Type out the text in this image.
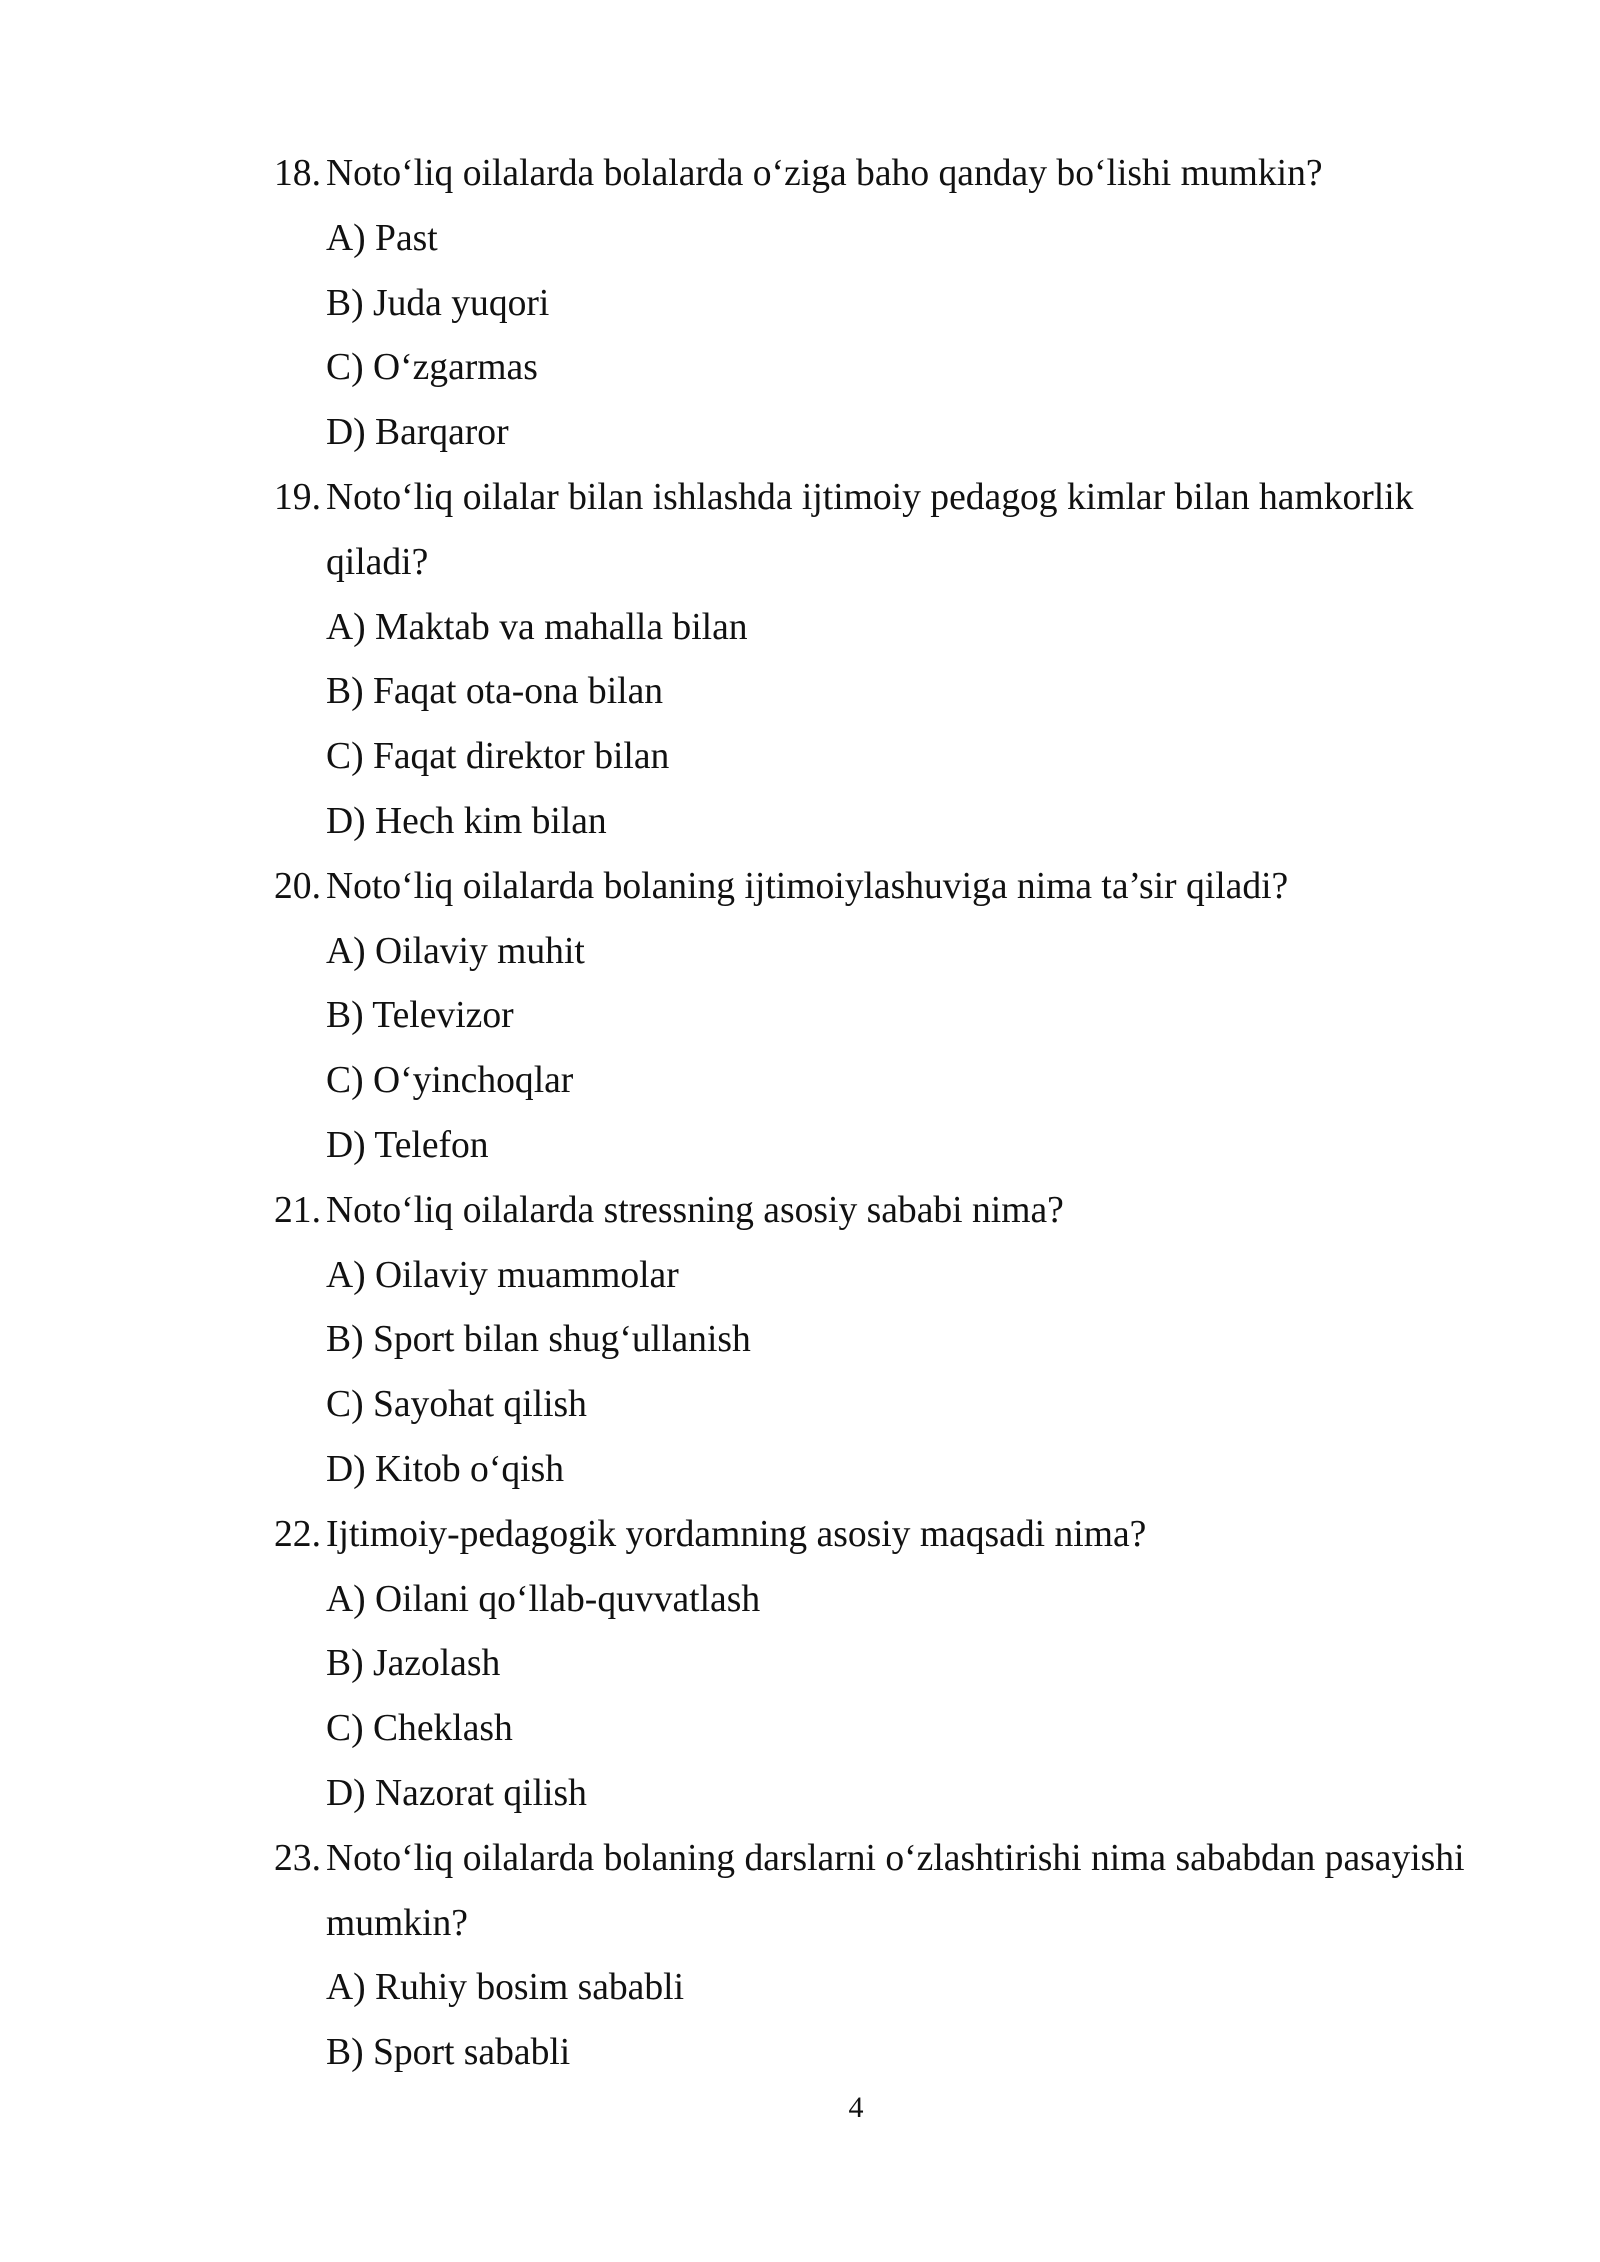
18. Noto‘liq oilalarda bolalarda o‘ziga baho qanday bo‘lishi mumkin?
A) Past
B) Juda yuqori
C) O‘zgarmas
D) Barqaror
19. Noto‘liq oilalar bilan ishlashda ijtimoiy pedagog kimlar bilan hamkorlik qiladi?
A) Maktab va mahalla bilan
B) Faqat ota-ona bilan
C) Faqat direktor bilan
D) Hech kim bilan
20. Noto‘liq oilalarda bolaning ijtimoiylashuviga nima ta’sir qiladi?
A) Oilaviy muhit
B) Televizor
C) O‘yinchoqlar
D) Telefon
21. Noto‘liq oilalarda stressning asosiy sababi nima?
A) Oilaviy muammolar
B) Sport bilan shug‘ullanish
C) Sayohat qilish
D) Kitob o‘qish
22. Ijtimoiy-pedagogik yordamning asosiy maqsadi nima?
A) Oilani qo‘llab-quvvatlash
B) Jazolash
C) Cheklash
D) Nazorat qilish
23. Noto‘liq oilalarda bolaning darslarni o‘zlashtirishi nima sababdan pasayishi mumkin?
A) Ruhiy bosim sababli
B) Sport sababli
4
